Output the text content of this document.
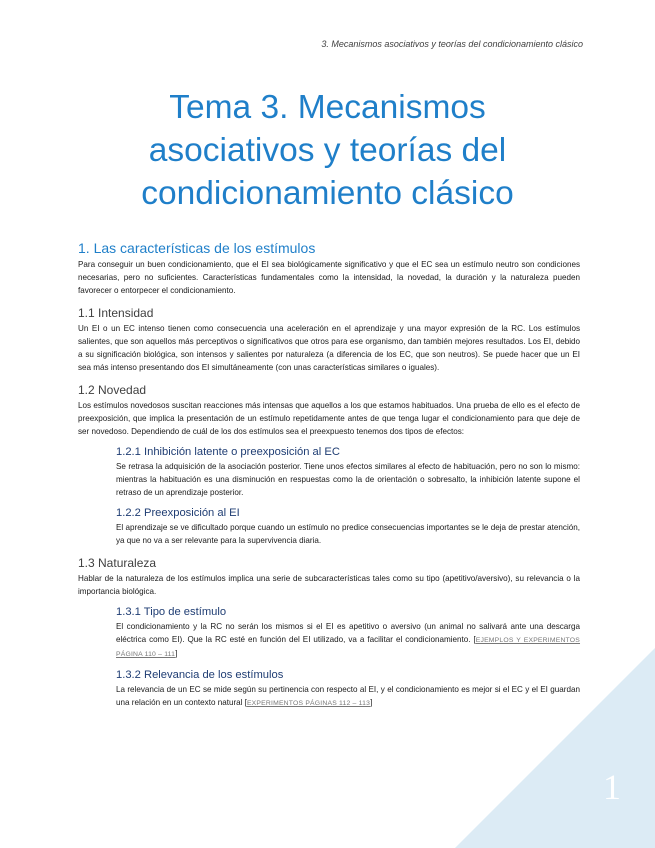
3. Mecanismos asociativos y teorías del condicionamiento clásico
Tema 3. Mecanismos
asociativos y teorías del
condicionamiento clásico
1. Las características de los estímulos

Para conseguir un buen condicionamiento, que el EI sea biológicamente significativo y que el EC sea un estímulo neutro son condiciones necesarias, pero no suficientes. Características fundamentales como la intensidad, la novedad, la duración y la naturaleza pueden favorecer o entorpecer el condicionamiento.

1.1 Intensidad

Un EI o un EC intenso tienen como consecuencia una aceleración en el aprendizaje y una mayor expresión de la RC. Los estímulos salientes, que son aquellos más perceptivos o significativos que otros para ese organismo, dan también mejores resultados. Los EI, debido a su significación biológica, son intensos y salientes por naturaleza (a diferencia de los EC, que son neutros). Se puede hacer que un EI sea más intenso presentando dos EI simultáneamente (con unas características similares o iguales).

1.2 Novedad

Los estímulos novedosos suscitan reacciones más intensas que aquellos a los que estamos habituados. Una prueba de ello es el efecto de preexposición, que implica la presentación de un estímulo repetidamente antes de que tenga lugar el condicionamiento para que deje de ser novedoso. Dependiendo de cuál de los dos estímulos sea el preexpuesto tenemos dos tipos de efectos:

1.2.1 Inhibición latente o preexposición al EC

Se retrasa la adquisición de la asociación posterior. Tiene unos efectos similares al efecto de habituación, pero no son lo mismo: mientras la habituación es una disminución en respuestas como la de orientación o sobresalto, la inhibición latente supone el retraso de un aprendizaje posterior.

1.2.2 Preexposición al EI

El aprendizaje se ve dificultado porque cuando un estímulo no predice consecuencias importantes se le deja de prestar atención, ya que no va a ser relevante para la supervivencia diaria.

1.3 Naturaleza

Hablar de la naturaleza de los estímulos implica una serie de subcaracterísticas tales como su tipo (apetitivo/aversivo), su relevancia o la importancia biológica.

1.3.1 Tipo de estímulo

El condicionamiento y la RC no serán los mismos si el EI es apetitivo o aversivo (un animal no salivará ante una descarga eléctrica como EI). Que la RC esté en función del EI utilizado, va a facilitar el condicionamiento. [EJEMPLOS Y EXPERIMENTOS PÁGINA 110 – 111]

1.3.2 Relevancia de los estímulos

La relevancia de un EC se mide según su pertinencia con respecto al EI, y el condicionamiento es mejor si el EC y el EI guardan una relación en un contexto natural [EXPERIMENTOS PÁGINAS 112 – 113]

1
